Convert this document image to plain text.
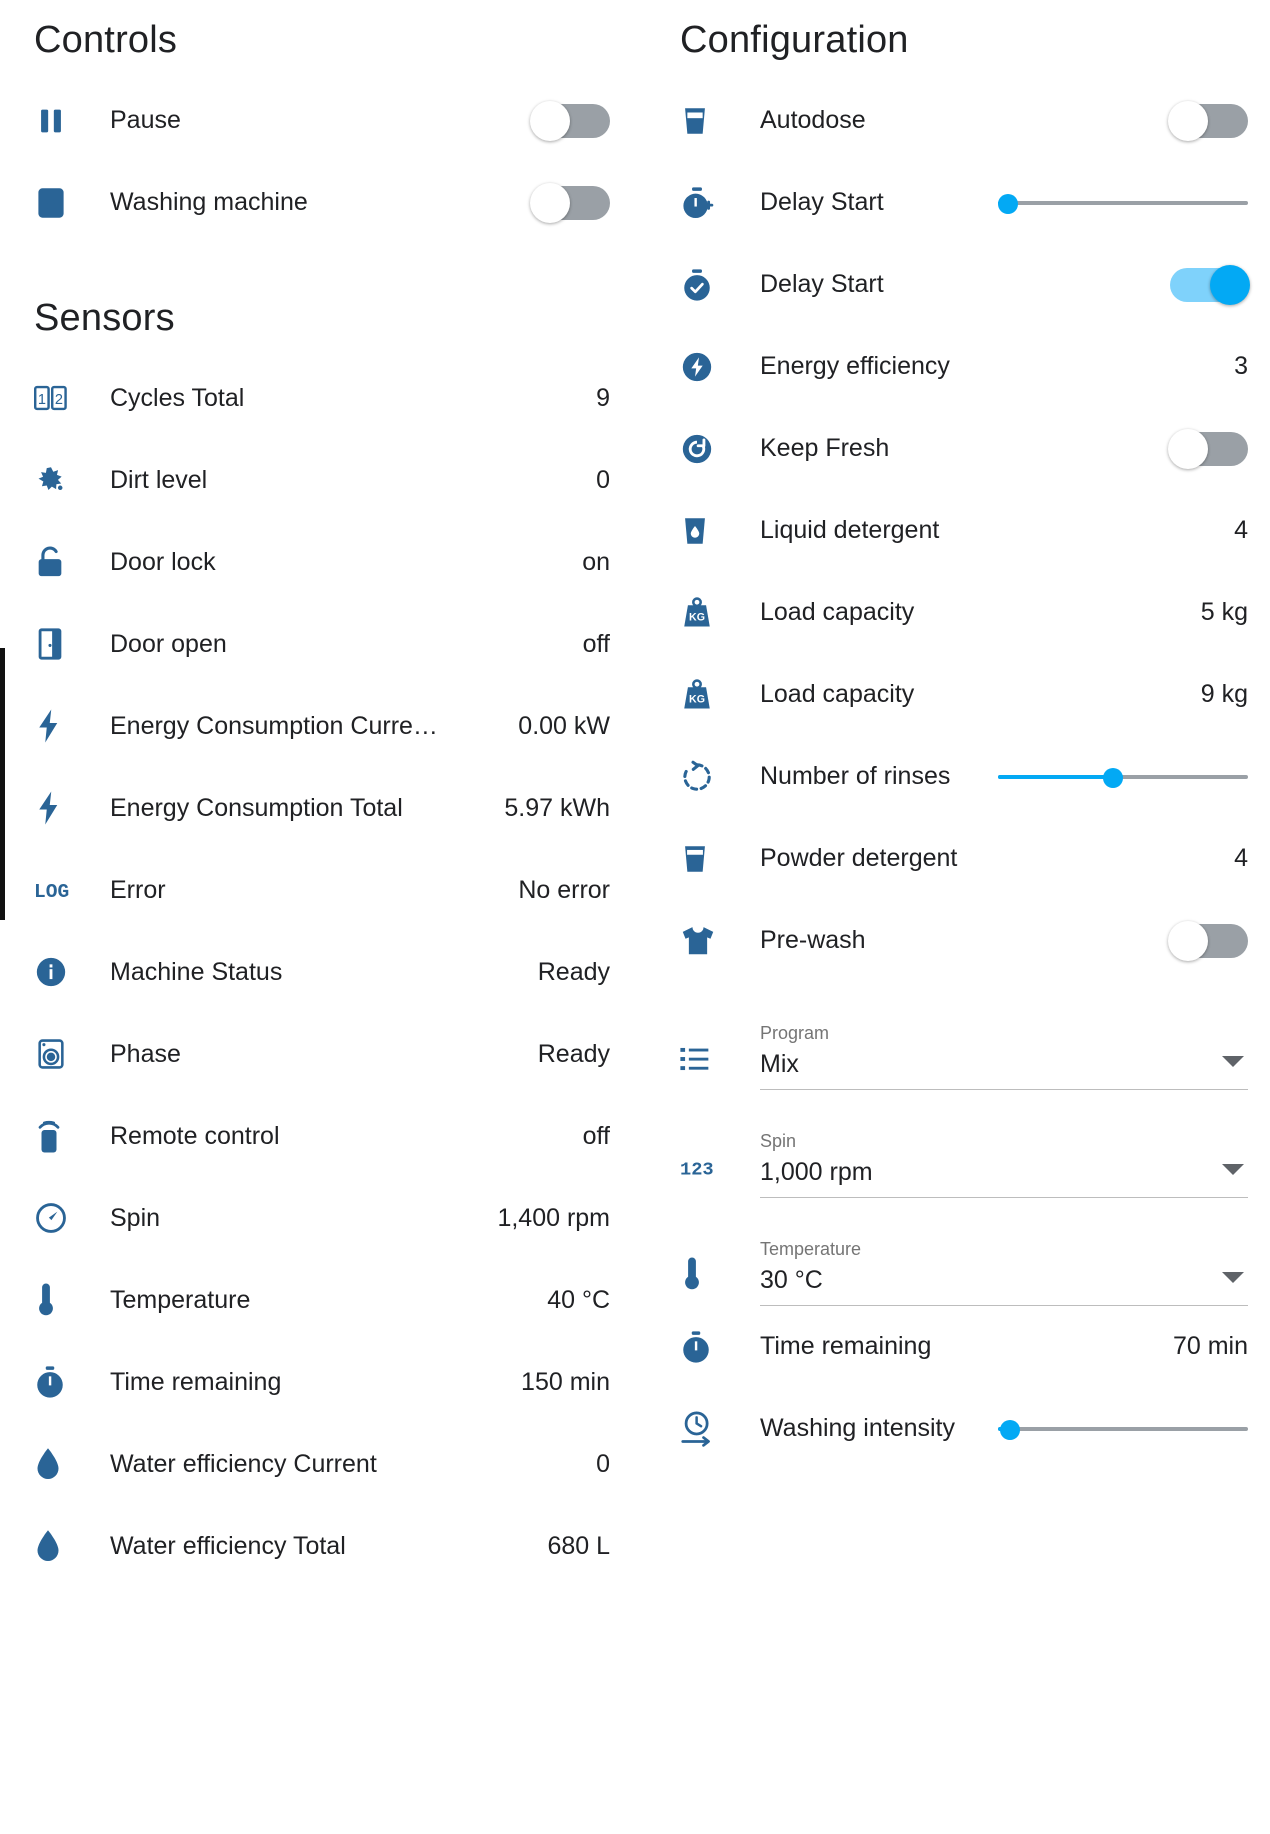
Controls
Pause
Washing machine
Sensors
1 2 Cycles Total	9
Dirt level	0
Door lock	on
Door open	off
Energy Consumption Curre…	0.00 kW
Energy Consumption Total	5.97 kWh
LOG Error	No error
Machine Status	Ready
Phase	Ready
Remote control	off
Spin	1,400 rpm
Temperature	40 °C
Time remaining	150 min
Water efficiency Current	0
Water efficiency Total	680 L
Configuration
Autodose
Delay Start
Delay Start
Energy efficiency	3
Keep Fresh
Liquid detergent	4
KG Load capacity	5 kg
KG Load capacity	9 kg
Number of rinses
Powder detergent	4
Pre-wash
Program
Mix
123
Spin
1,000 rpm
Temperature
30 °C
Time remaining	70 min
Washing intensity
